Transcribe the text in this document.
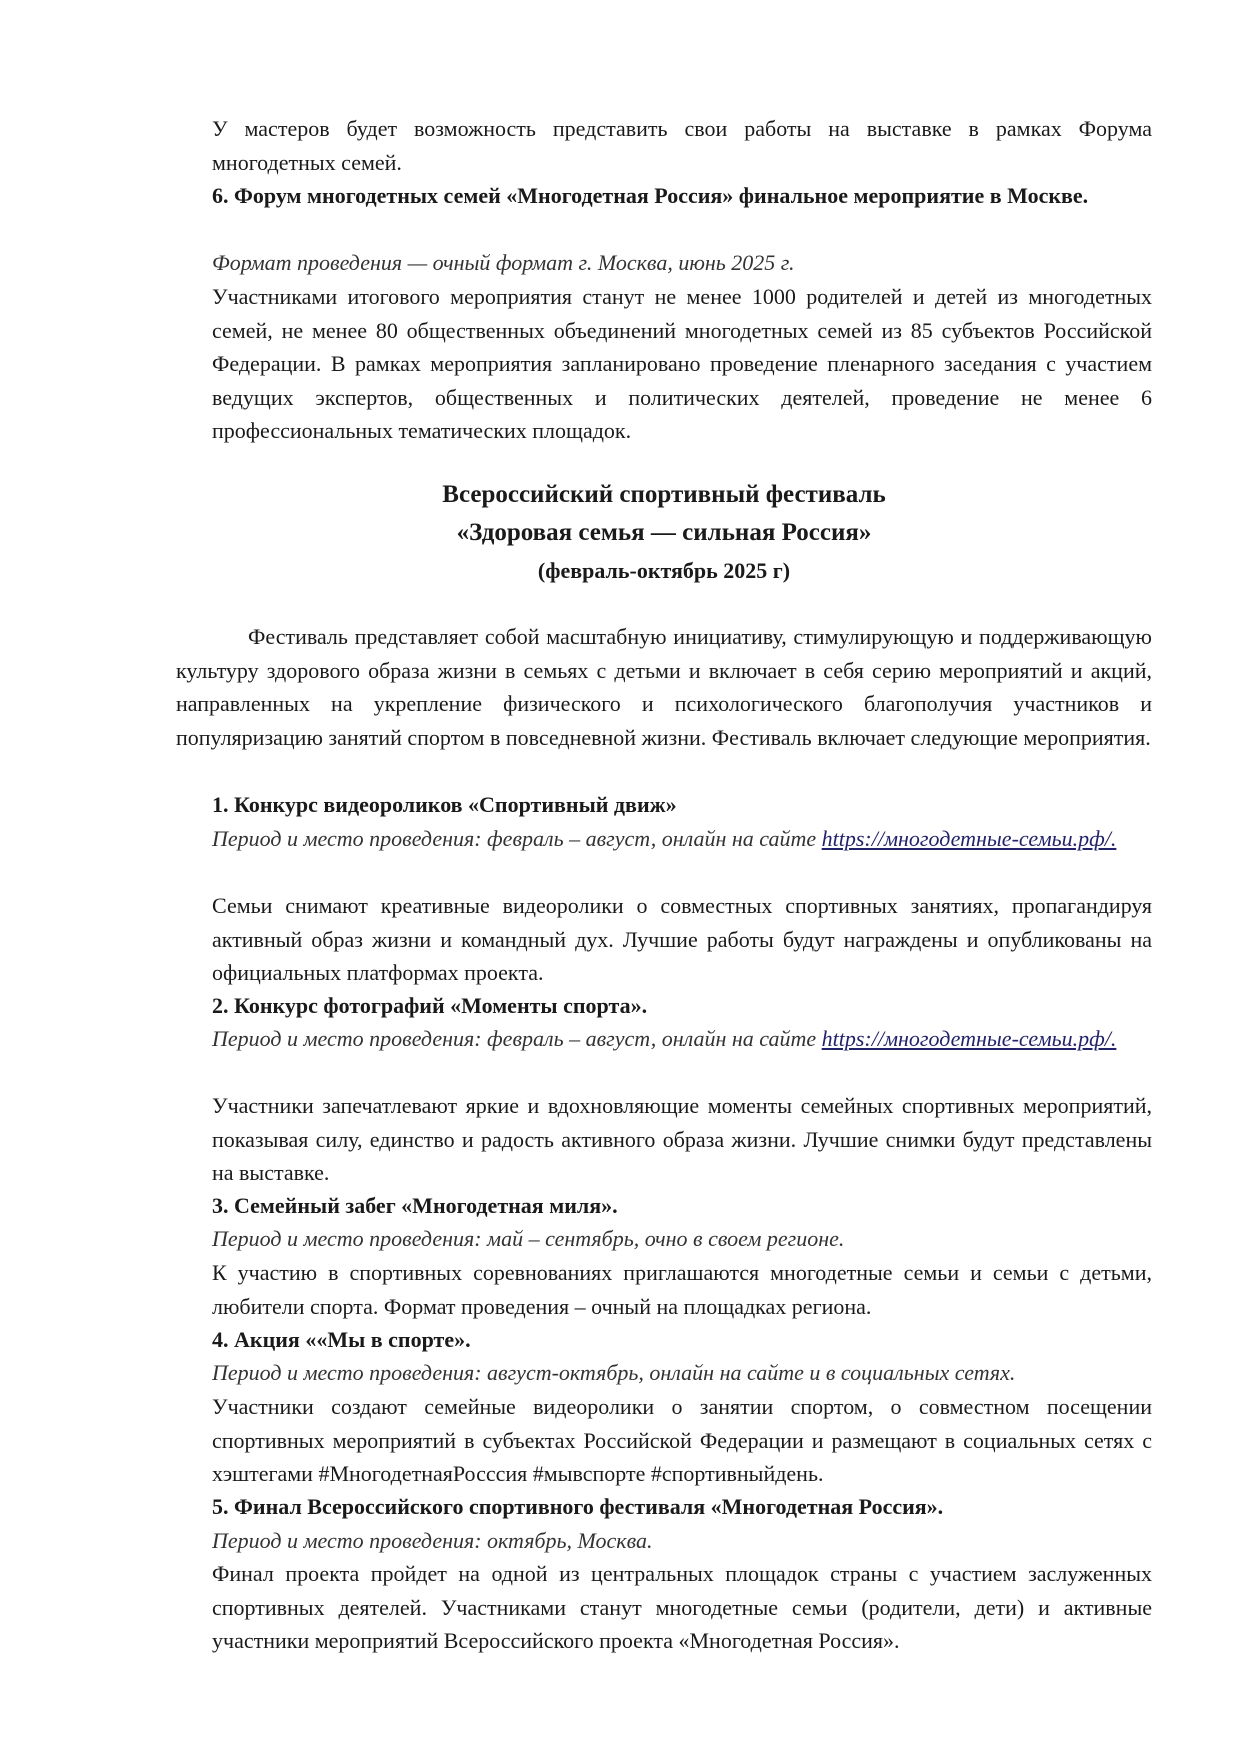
У мастеров будет возможность представить свои работы на выставке в рамках Форума многодетных семей.

6. Форум многодетных семей «Многодетная Россия» финальное мероприятие в Москве.

Формат проведения — очный формат г. Москва, июнь 2025 г.

Участниками итогового мероприятия станут не менее 1000 родителей и детей из многодетных семей, не менее 80 общественных объединений многодетных семей из 85 субъектов Российской Федерации. В рамках мероприятия запланировано проведение пленарного заседания с участием ведущих экспертов, общественных и политических деятелей, проведение не менее 6 профессиональных тематических площадок.

Всероссийский спортивный фестиваль

«Здоровая семья — сильная Россия»

(февраль-октябрь 2025 г)

Фестиваль представляет собой масштабную инициативу, стимулирующую и поддерживающую культуру здорового образа жизни в семьях с детьми и включает в себя серию мероприятий и акций, направленных на укрепление физического и психологического благополучия участников и популяризацию занятий спортом в повседневной жизни. Фестиваль включает следующие мероприятия.

1. Конкурс видеороликов «Спортивный движ»

Период и место проведения: февраль – август, онлайн на сайте https://многодетные-семьи.рф/.

Семьи снимают креативные видеоролики о совместных спортивных занятиях, пропагандируя активный образ жизни и командный дух. Лучшие работы будут награждены и опубликованы на официальных платформах проекта.

2. Конкурс фотографий «Моменты спорта».

Период и место проведения: февраль – август, онлайн на сайте https://многодетные-семьи.рф/.

Участники запечатлевают яркие и вдохновляющие моменты семейных спортивных мероприятий, показывая силу, единство и радость активного образа жизни. Лучшие снимки будут представлены на выставке.

3. Семейный забег «Многодетная миля».

Период и место проведения: май – сентябрь, очно в своем регионе.

К участию в спортивных соревнованиях приглашаются многодетные семьи и семьи с детьми, любители спорта. Формат проведения – очный на площадках региона.

4. Акция ««Мы в спорте».

Период и место проведения: август-октябрь, онлайн на сайте и в социальных сетях.

Участники создают семейные видеоролики о занятии спортом, о совместном посещении спортивных мероприятий в субъектах Российской Федерации и размещают в социальных сетях с хэштегами #МногодетнаяРосссия #мывспорте #спортивныйдень.

5. Финал Всероссийского спортивного фестиваля «Многодетная Россия».

Период и место проведения: октябрь, Москва.

Финал проекта пройдет на одной из центральных площадок страны с участием заслуженных спортивных деятелей. Участниками станут многодетные семьи (родители, дети) и активные участники мероприятий Всероссийского проекта «Многодетная Россия».
